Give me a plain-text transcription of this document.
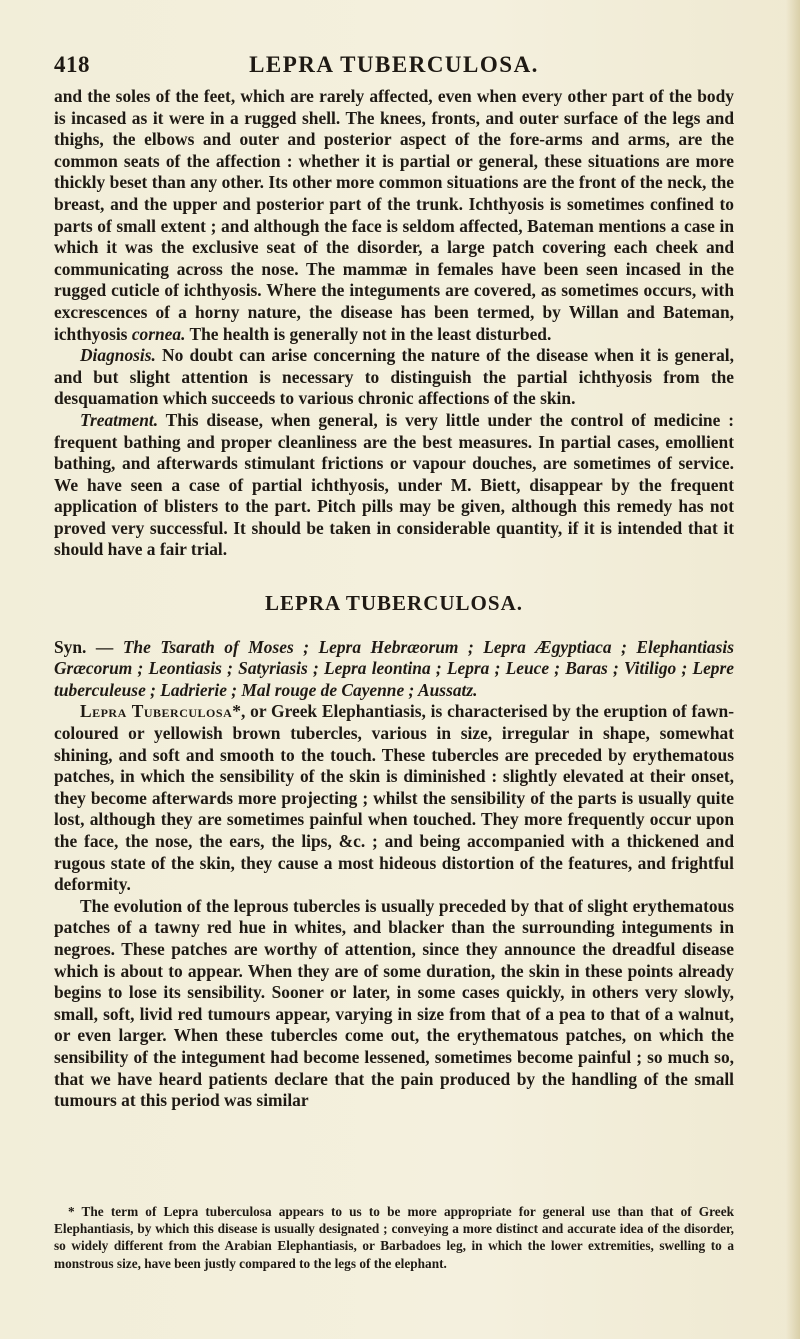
418	LEPRA TUBERCULOSA.

and the soles of the feet, which are rarely affected, even when every other part of the body is incased as it were in a rugged shell. The knees, fronts, and outer surface of the legs and thighs, the elbows and outer and posterior aspect of the fore-arms and arms, are the common seats of the affection : whether it is partial or general, these situations are more thickly beset than any other. Its other more common situations are the front of the neck, the breast, and the upper and posterior part of the trunk. Ichthyosis is sometimes confined to parts of small extent ; and although the face is seldom affected, Bateman mentions a case in which it was the exclusive seat of the disorder, a large patch covering each cheek and communicating across the nose. The mammæ in females have been seen incased in the rugged cuticle of ichthyosis. Where the integuments are covered, as sometimes occurs, with excrescences of a horny nature, the disease has been termed, by Willan and Bateman, ichthyosis cornea. The health is generally not in the least disturbed.

Diagnosis. No doubt can arise concerning the nature of the disease when it is general, and but slight attention is necessary to distinguish the partial ichthyosis from the desquamation which succeeds to various chronic affections of the skin.

Treatment. This disease, when general, is very little under the control of medicine : frequent bathing and proper cleanliness are the best measures. In partial cases, emollient bathing, and afterwards stimulant frictions or vapour douches, are sometimes of service. We have seen a case of partial ichthyosis, under M. Biett, disappear by the frequent application of blisters to the part. Pitch pills may be given, although this remedy has not proved very successful. It should be taken in considerable quantity, if it is intended that it should have a fair trial.

LEPRA TUBERCULOSA.

Syn. — The Tsarath of Moses ; Lepra Hebræorum ; Lepra Ægyptiaca ; Elephantiasis Græcorum ; Leontiasis ; Satyriasis ; Lepra leontina ; Lepra ; Leuce ; Baras ; Vitiligo ; Lepre tuberculeuse ; Ladrierie ; Mal rouge de Cayenne ; Aussatz.

Lepra Tuberculosa*, or Greek Elephantiasis, is characterised by the eruption of fawn-coloured or yellowish brown tubercles, various in size, irregular in shape, somewhat shining, and soft and smooth to the touch. These tubercles are preceded by erythematous patches, in which the sensibility of the skin is diminished : slightly elevated at their onset, they become afterwards more projecting ; whilst the sensibility of the parts is usually quite lost, although they are sometimes painful when touched. They more frequently occur upon the face, the nose, the ears, the lips, &c. ; and being accompanied with a thickened and rugous state of the skin, they cause a most hideous distortion of the features, and frightful deformity.

The evolution of the leprous tubercles is usually preceded by that of slight erythematous patches of a tawny red hue in whites, and blacker than the surrounding integuments in negroes. These patches are worthy of attention, since they announce the dreadful disease which is about to appear. When they are of some duration, the skin in these points already begins to lose its sensibility. Sooner or later, in some cases quickly, in others very slowly, small, soft, livid red tumours appear, varying in size from that of a pea to that of a walnut, or even larger. When these tubercles come out, the erythematous patches, on which the sensibility of the integument had become lessened, sometimes become painful ; so much so, that we have heard patients declare that the pain produced by the handling of the small tumours at this period was similar

* The term of Lepra tuberculosa appears to us to be more appropriate for general use than that of Greek Elephantiasis, by which this disease is usually designated ; conveying a more distinct and accurate idea of the disorder, so widely different from the Arabian Elephantiasis, or Barbadoes leg, in which the lower extremities, swelling to a monstrous size, have been justly compared to the legs of the elephant.
